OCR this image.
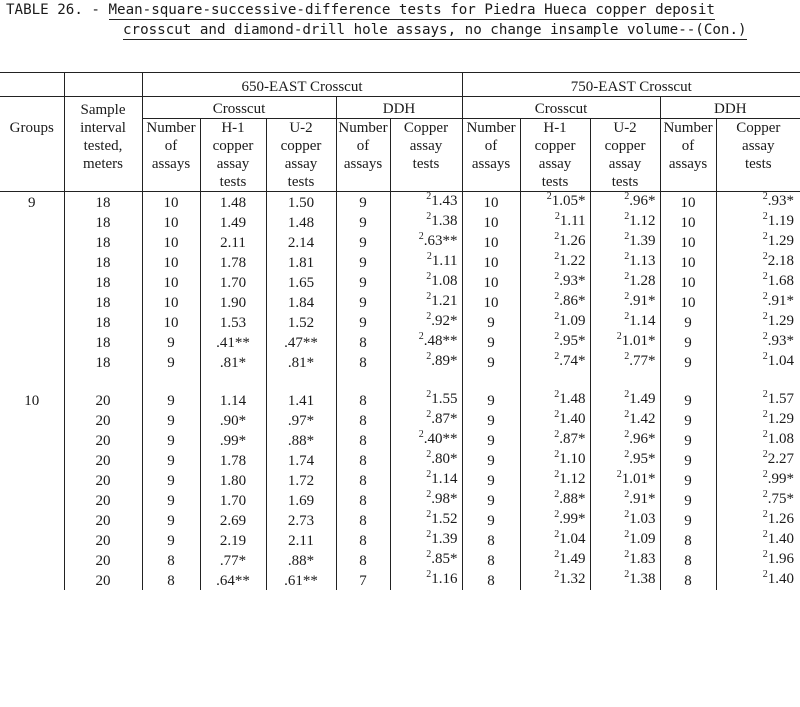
TABLE 26. - Mean-square-successive-difference tests for Piedra Hueca copper deposit
crosscut and diamond-drill hole assays, no change insample volume--(Con.)
		650-EAST Crosscut					750-EAST Crosscut				
	Sample	Crosscut			DDH		Crosscut			DDH	
Groups	interval	Number	H-1	U-2	Number	Copper	Number	H-1	U-2	Number	Copper
	tested,	of	copper	copper	of	assay	of	copper	copper	of	assay
	meters	assays	assay	assay	assays	tests	assays	assay	assay	assays	tests
			tests	tests				tests	tests		
9	18	10	1.48	1.50	9	$^2$1.43	10	$^2$1.05*	$^2$.96*	10	$^2$.93*
	18	10	1.49	1.48	9	$^2$1.38	10	$^2$1.11	$^2$1.12	10	$^2$1.19
	18	10	2.11	2.14	9	$^2$.63**	10	$^2$1.26	$^2$1.39	10	$^2$1.29
	18	10	1.78	1.81	9	$^2$1.11	10	$^2$1.22	$^2$1.13	10	$^2$2.18
	18	10	1.70	1.65	9	$^2$1.08	10	$^2$.93*	$^2$1.28	10	$^2$1.68
	18	10	1.90	1.84	9	$^2$1.21	10	$^2$.86*	$^2$.91*	10	$^2$.91*
	18	10	1.53	1.52	9	$^2$.92*	9	$^2$1.09	$^2$1.14	9	$^2$1.29
	18	9	.41**	.47**	8	$^2$.48**	9	$^2$.95*	$^2$1.01*	9	$^2$.93*
	18	9	.81*	.81*	8	$^2$.89*	9	$^2$.74*	$^2$.77*	9	$^2$1.04

10	20	9	1.14	1.41	8	$^2$1.55	9	$^2$1.48	$^2$1.49	9	$^2$1.57
	20	9	.90*	.97*	8	$^2$.87*	9	$^2$1.40	$^2$1.42	9	$^2$1.29
	20	9	.99*	.88*	8	$^2$.40**	9	$^2$.87*	$^2$.96*	9	$^2$1.08
	20	9	1.78	1.74	8	$^2$.80*	9	$^2$1.10	$^2$.95*	9	$^2$2.27
	20	9	1.80	1.72	8	$^2$1.14	9	$^2$1.12	$^2$1.01*	9	$^2$.99*
	20	9	1.70	1.69	8	$^2$.98*	9	$^2$.88*	$^2$.91*	9	$^2$.75*
	20	9	2.69	2.73	8	$^2$1.52	9	$^2$.99*	$^2$1.03	9	$^2$1.26
	20	9	2.19	2.11	8	$^2$1.39	8	$^2$1.04	$^2$1.09	8	$^2$1.40
	20	8	.77*	.88*	8	$^2$.85*	8	$^2$1.49	$^2$1.83	8	$^2$1.96
	20	8	.64**	.61**	7	$^2$1.16	8	$^2$1.32	$^2$1.38	8	$^2$1.40
